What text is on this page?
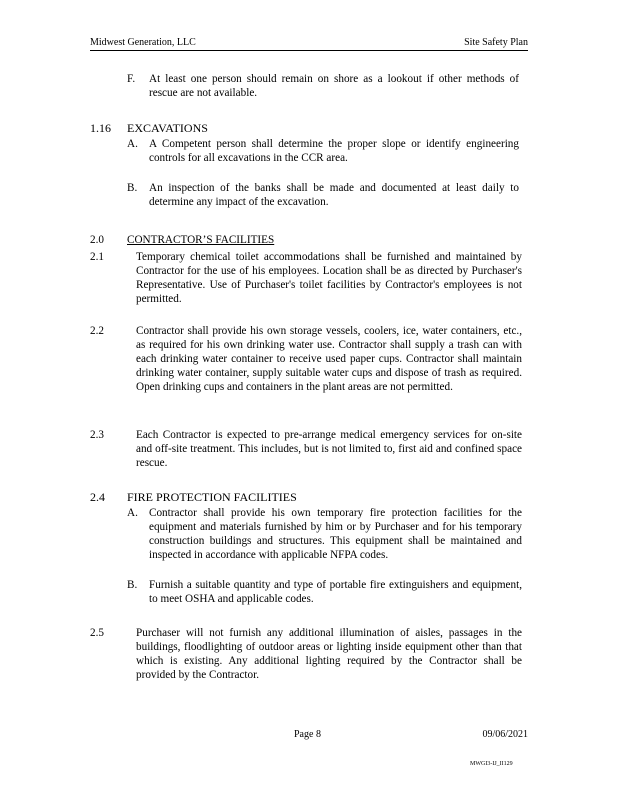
Midwest Generation, LLC	Site Safety Plan
F. At least one person should remain on shore as a lookout if other methods of rescue are not available.
1.16 EXCAVATIONS
A. A Competent person shall determine the proper slope or identify engineering controls for all excavations in the CCR area.
B. An inspection of the banks shall be made and documented at least daily to determine any impact of the excavation.
2.0 CONTRACTOR’S FACILITIES
2.1	Temporary chemical toilet accommodations shall be furnished and maintained by Contractor for the use of his employees. Location shall be as directed by Purchaser's Representative. Use of Purchaser's toilet facilities by Contractor's employees is not permitted.
2.2	Contractor shall provide his own storage vessels, coolers, ice, water containers, etc., as required for his own drinking water use. Contractor shall supply a trash can with each drinking water container to receive used paper cups. Contractor shall maintain drinking water container, supply suitable water cups and dispose of trash as required. Open drinking cups and containers in the plant areas are not permitted.
2.3	Each Contractor is expected to pre-arrange medical emergency services for on-site and off-site treatment. This includes, but is not limited to, first aid and confined space rescue.
2.4 FIRE PROTECTION FACILITIES
A. Contractor shall provide his own temporary fire protection facilities for the equipment and materials furnished by him or by Purchaser and for his temporary construction buildings and structures. This equipment shall be maintained and inspected in accordance with applicable NFPA codes.
B. Furnish a suitable quantity and type of portable fire extinguishers and equipment, to meet OSHA and applicable codes.
2.5	Purchaser will not furnish any additional illumination of aisles, passages in the buildings, floodlighting of outdoor areas or lighting inside equipment other than that which is existing. Any additional lighting required by the Contractor shall be provided by the Contractor.
Page 8	09/06/2021
MWGI3-IJ_II129
